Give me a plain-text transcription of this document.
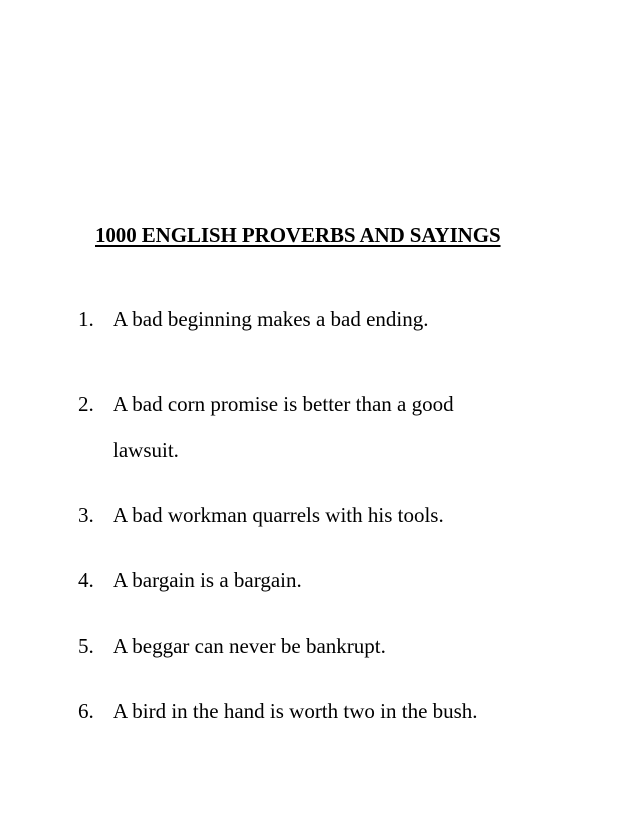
1000 ENGLISH PROVERBS AND SAYINGS
1. A bad beginning makes a bad ending.
2. A bad corn promise is better than a good
lawsuit.
3. A bad workman quarrels with his tools.
4. A bargain is a bargain.
5. A beggar can never be bankrupt.
6. A bird in the hand is worth two in the bush.
